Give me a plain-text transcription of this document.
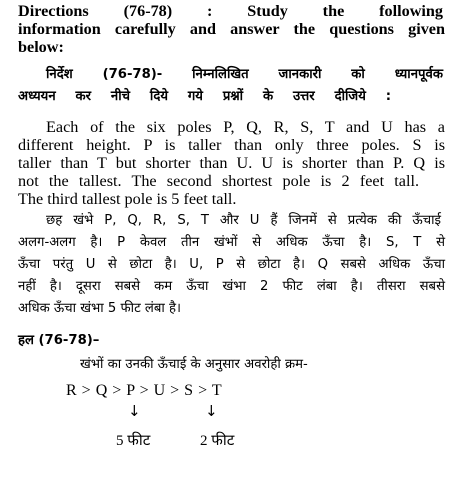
Directions (76-78) : Study the following
information carefully and answer the questions given
below:
निर्देश (76-78)- निम्नलिखित जानकारी को ध्यानपूर्वक
अध्ययन कर नीचे दिये गये प्रश्नों के उत्तर दीजिये :
Each of the six poles P, Q, R, S, T and U has a
different height. P is taller than only three poles. S is
taller than T but shorter than U. U is shorter than P. Q is
not the tallest. The second shortest pole is 2 feet tall.
The third tallest pole is 5 feet tall.
छह खंभे P, Q, R, S, T और U हैं जिनमें से प्रत्येक की ऊँचाई
अलग-अलग है। P केवल तीन खंभों से अधिक ऊँचा है। S, T से
ऊँचा परंतु U से छोटा है। U, P से छोटा है। Q सबसे अधिक ऊँचा
नहीं है। दूसरा सबसे कम ऊँचा खंभा 2 फीट लंबा है। तीसरा सबसे
अधिक ऊँचा खंभा 5 फीट लंबा है।
हल (76-78)–
खंभों का उनकी ऊँचाई के अनुसार अवरोही क्रम-
R > Q > P > U > S > T
↓	↓
5 फीट	2 फीट
